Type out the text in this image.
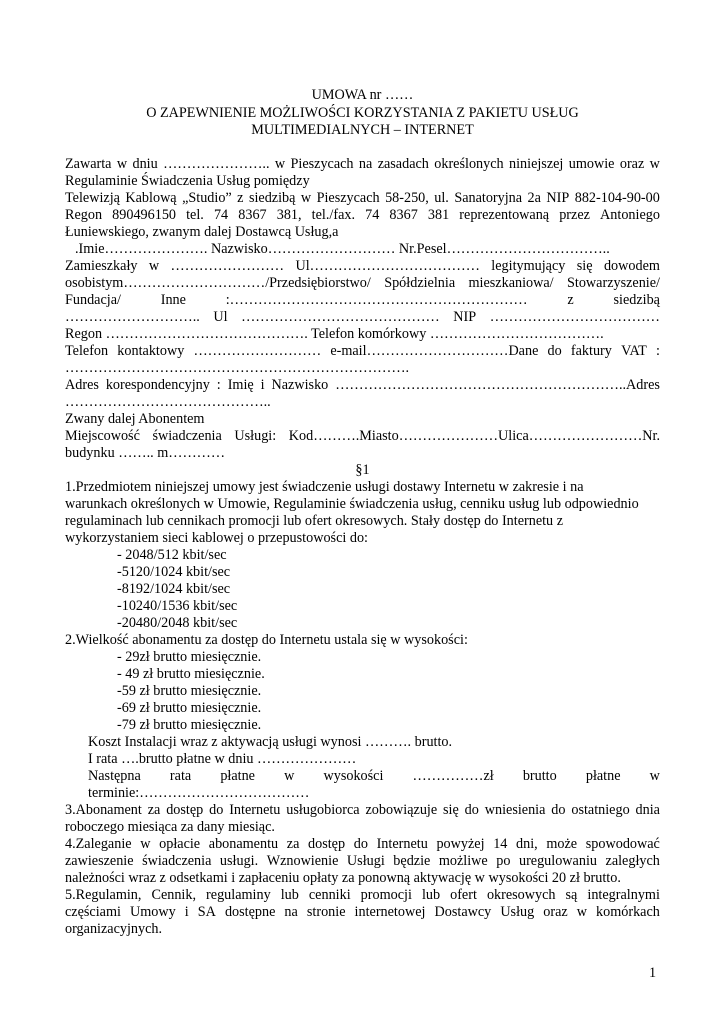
UMOWA nr ……
O ZAPEWNIENIE MOŻLIWOŚCI KORZYSTANIA Z PAKIETU USŁUG
MULTIMEDIALNYCH – INTERNET
Zawarta w dniu ………………….. w Pieszycach na zasadach określonych niniejszej umowie oraz w
Regulaminie Świadczenia Usług pomiędzy
Telewizją Kablową „Studio” z siedzibą w Pieszycach 58-250, ul. Sanatoryjna 2a NIP 882-104-90-00
Regon 890496150 tel. 74 8367 381, tel./fax. 74 8367 381 reprezentowaną przez Antoniego
Łuniewskiego, zwanym dalej Dostawcą Usług,a
.Imie…………………. Nazwisko……………………… Nr.Pesel……………………………..
Zamieszkały w …………………… Ul……………………………… legitymujący się dowodem
osobistym…………………………/Przedsiębiorstwo/ Spółdzielnia mieszkaniowa/ Stowarzyszenie/
Fundacja/	Inne	:………………………………………………………	z	siedzibą
……………………….. Ul …………………………………… NIP ………………………………
Regon ……………………………………. Telefon komórkowy ……………………………….
Telefon kontaktowy ……………………… e-mail…………………………Dane do faktury VAT :
……………………………………………………………….
Adres korespondencyjny : Imię i Nazwisko ……………………………………………………..Adres
……………………………………..
Zwany dalej Abonentem
Miejscowość świadczenia Usługi: Kod……….Miasto…………………Ulica……………………Nr.
budynku …….. m…………
§1
1.Przedmiotem niniejszej umowy jest świadczenie usługi dostawy Internetu w zakresie i na
warunkach określonych w Umowie, Regulaminie świadczenia usług, cenniku usług lub odpowiednio
regulaminach lub cennikach promocji lub ofert okresowych. Stały dostęp do Internetu z
wykorzystaniem sieci kablowej o przepustowości do:
- 2048/512 kbit/sec
-5120/1024 kbit/sec
-8192/1024 kbit/sec
-10240/1536 kbit/sec
-20480/2048 kbit/sec
2.Wielkość abonamentu za dostęp do Internetu ustala się w wysokości:
- 29zł brutto miesięcznie.
- 49 zł brutto miesięcznie.
-59 zł brutto miesięcznie.
-69 zł brutto miesięcznie.
-79 zł brutto miesięcznie.
Koszt Instalacji wraz z aktywacją usługi wynosi ………. brutto.
I rata ….brutto płatne w dniu …………………
Następna rata płatne w wysokości ……………zł brutto płatne w
terminie:………………………………
3.Abonament za dostęp do Internetu usługobiorca zobowiązuje się do wniesienia do ostatniego dnia
roboczego miesiąca za dany miesiąc.
4.Zaleganie w opłacie abonamentu za dostęp do Internetu powyżej 14 dni, może spowodować
zawieszenie świadczenia usługi. Wznowienie Usługi będzie możliwe po uregulowaniu zaległych
należności wraz z odsetkami i zapłaceniu opłaty za ponowną aktywację w wysokości 20 zł brutto.
5.Regulamin, Cennik, regulaminy lub cenniki promocji lub ofert okresowych są integralnymi
częściami Umowy i SA dostępne na stronie internetowej Dostawcy Usług oraz w komórkach
organizacyjnych.
1
